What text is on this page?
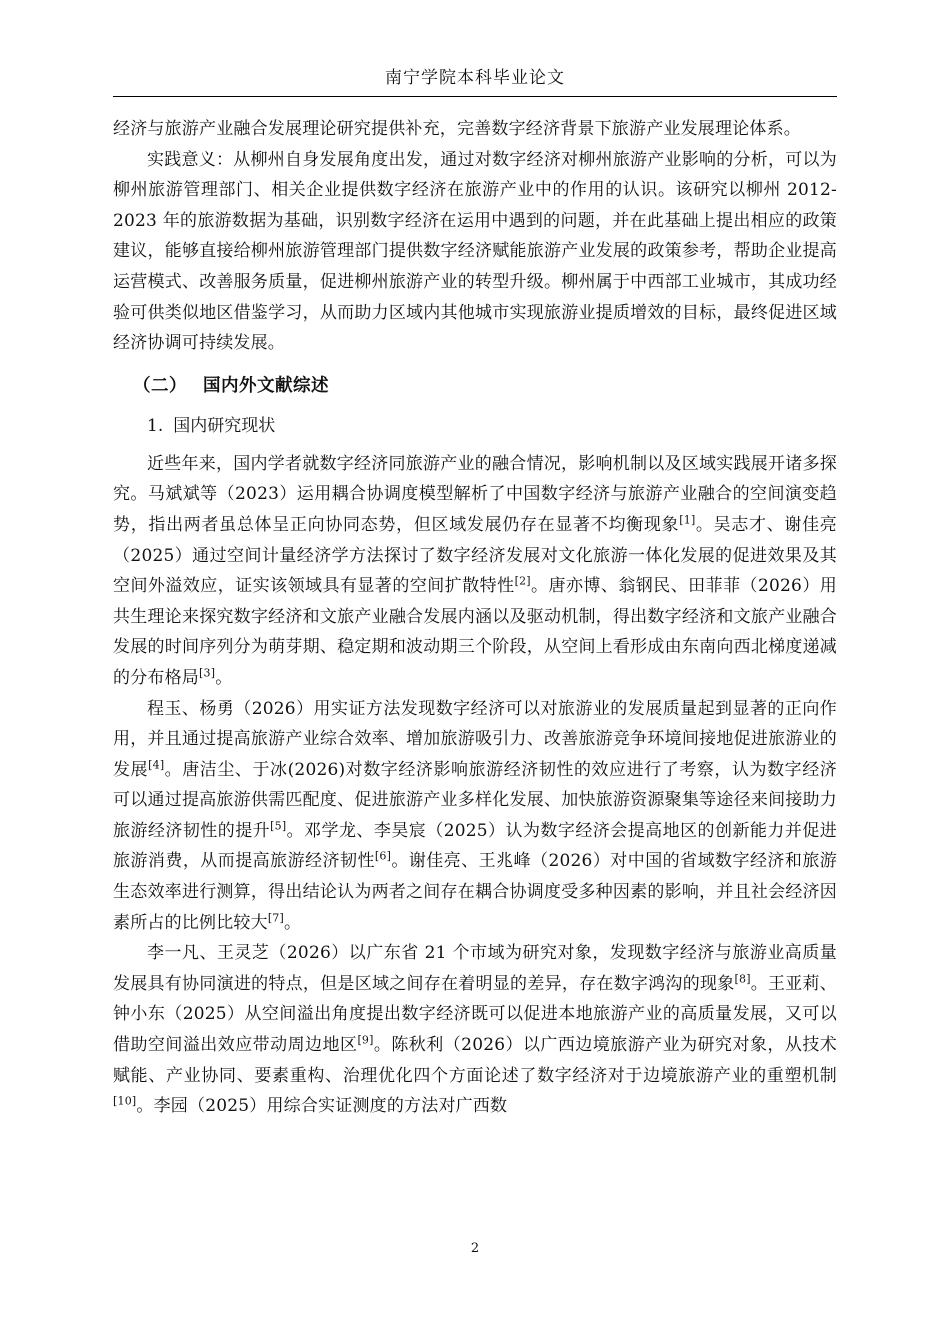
南宁学院本科毕业论文

经济与旅游产业融合发展理论研究提供补充，完善数字经济背景下旅游产业发展理论体系。

实践意义：从柳州自身发展角度出发，通过对数字经济对柳州旅游产业影响的分析，可以为柳州旅游管理部门、相关企业提供数字经济在旅游产业中的作用的认识。该研究以柳州 2012-2023 年的旅游数据为基础，识别数字经济在运用中遇到的问题，并在此基础上提出相应的政策建议，能够直接给柳州旅游管理部门提供数字经济赋能旅游产业发展的政策参考，帮助企业提高运营模式、改善服务质量，促进柳州旅游产业的转型升级。柳州属于中西部工业城市，其成功经验可供类似地区借鉴学习，从而助力区域内其他城市实现旅游业提质增效的目标，最终促进区域经济协调可持续发展。

（二） 国内外文献综述
1. 国内研究现状

近些年来，国内学者就数字经济同旅游产业的融合情况，影响机制以及区域实践展开诸多探究。马斌斌等（2023）运用耦合协调度模型解析了中国数字经济与旅游产业融合的空间演变趋势，指出两者虽总体呈正向协同态势，但区域发展仍存在显著不均衡现象[1]。吴志才、谢佳亮（2025）通过空间计量经济学方法探讨了数字经济发展对文化旅游一体化发展的促进效果及其空间外溢效应，证实该领域具有显著的空间扩散特性[2]。唐亦博、翁钢民、田菲菲（2026）用共生理论来探究数字经济和文旅产业融合发展内涵以及驱动机制，得出数字经济和文旅产业融合发展的时间序列分为萌芽期、稳定期和波动期三个阶段，从空间上看形成由东南向西北梯度递减的分布格局[3]。

程玉、杨勇（2026）用实证方法发现数字经济可以对旅游业的发展质量起到显著的正向作用，并且通过提高旅游产业综合效率、增加旅游吸引力、改善旅游竞争环境间接地促进旅游业的发展[4]。唐洁尘、于冰(2026)对数字经济影响旅游经济韧性的效应进行了考察，认为数字经济可以通过提高旅游供需匹配度、促进旅游产业多样化发展、加快旅游资源聚集等途径来间接助力旅游经济韧性的提升[5]。邓学龙、李昊宸（2025）认为数字经济会提高地区的创新能力并促进旅游消费，从而提高旅游经济韧性[6]。谢佳亮、王兆峰（2026）对中国的省域数字经济和旅游生态效率进行测算，得出结论认为两者之间存在耦合协调度受多种因素的影响，并且社会经济因素所占的比例比较大[7]。

李一凡、王灵芝（2026）以广东省 21 个市域为研究对象，发现数字经济与旅游业高质量发展具有协同演进的特点，但是区域之间存在着明显的差异，存在数字鸿沟的现象[8]。王亚莉、钟小东（2025）从空间溢出角度提出数字经济既可以促进本地旅游产业的高质量发展，又可以借助空间溢出效应带动周边地区[9]。陈秋利（2026）以广西边境旅游产业为研究对象，从技术赋能、产业协同、要素重构、治理优化四个方面论述了数字经济对于边境旅游产业的重塑机制[10]。李园（2025）用综合实证测度的方法对广西数

2
